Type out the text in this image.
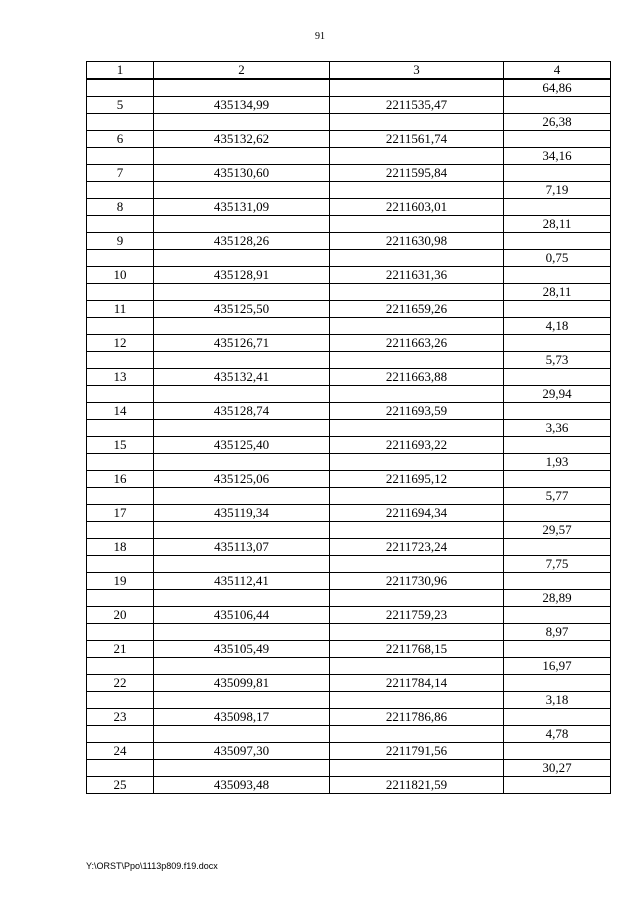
91
1	2	3	4
			64,86
5	435134,99	2211535,47	
			26,38
6	435132,62	2211561,74	
			34,16
7	435130,60	2211595,84	
			7,19
8	435131,09	2211603,01	
			28,11
9	435128,26	2211630,98	
			0,75
10	435128,91	2211631,36	
			28,11
11	435125,50	2211659,26	
			4,18
12	435126,71	2211663,26	
			5,73
13	435132,41	2211663,88	
			29,94
14	435128,74	2211693,59	
			3,36
15	435125,40	2211693,22	
			1,93
16	435125,06	2211695,12	
			5,77
17	435119,34	2211694,34	
			29,57
18	435113,07	2211723,24	
			7,75
19	435112,41	2211730,96	
			28,89
20	435106,44	2211759,23	
			8,97
21	435105,49	2211768,15	
			16,97
22	435099,81	2211784,14	
			3,18
23	435098,17	2211786,86	
			4,78
24	435097,30	2211791,56	
			30,27
25	435093,48	2211821,59	
Y:\ORST\Ppo\1113p809.f19.docx
